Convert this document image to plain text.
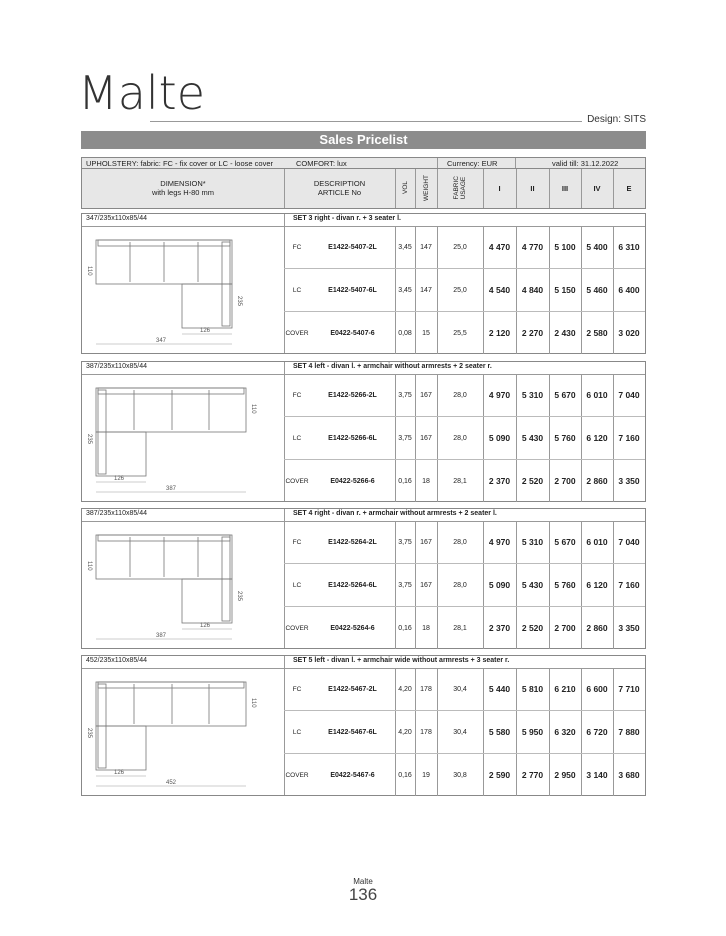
Malte	Design: SITS
Sales Pricelist
UPHOLSTERY: fabric: FC - fix cover or LC - loose cover	COMFORT: lux	Currency: EUR	valid till: 31.12.2022
DIMENSION*
with legs H-80 mm
DESCRIPTION
ARTICLE No	VOL WEIGHT	FABRIC
USAGE	I	II	III	IV	E
347/235x110x85/44	SET 3 right - divan r. + 3 seater l.
110
235
126
347
FC	E1422-5407-2L	3,45	147	25,0	4 470	4 770	5 100	5 400	6 310
LC	E1422-5407-6L	3,45	147	25,0	4 540	4 840	5 150	5 460	6 400
COVER	E0422-5407-6	0,08	15	25,5	2 120	2 270	2 430	2 580	3 020
387/235x110x85/44	SET 4 left - divan l. + armchair without armrests + 2 seater r.
110
235
126
387
FC	E1422-5266-2L	3,75	167	28,0	4 970	5 310	5 670	6 010	7 040
LC	E1422-5266-6L	3,75	167	28,0	5 090	5 430	5 760	6 120	7 160
COVER	E0422-5266-6	0,16	18	28,1	2 370	2 520	2 700	2 860	3 350
387/235x110x85/44	SET 4 right - divan r. + armchair without armrests + 2 seater l.
110
235
126
387
FC	E1422-5264-2L	3,75	167	28,0	4 970	5 310	5 670	6 010	7 040
LC	E1422-5264-6L	3,75	167	28,0	5 090	5 430	5 760	6 120	7 160
COVER	E0422-5264-6	0,16	18	28,1	2 370	2 520	2 700	2 860	3 350
452/235x110x85/44	SET 5 left - divan l. + armchair wide without armrests + 3 seater r.
110
235
126
452
FC	E1422-5467-2L	4,20	178	30,4	5 440	5 810	6 210	6 600	7 710
LC	E1422-5467-6L	4,20	178	30,4	5 580	5 950	6 320	6 720	7 880
COVER	E0422-5467-6	0,16	19	30,8	2 590	2 770	2 950	3 140	3 680
Malte
136
